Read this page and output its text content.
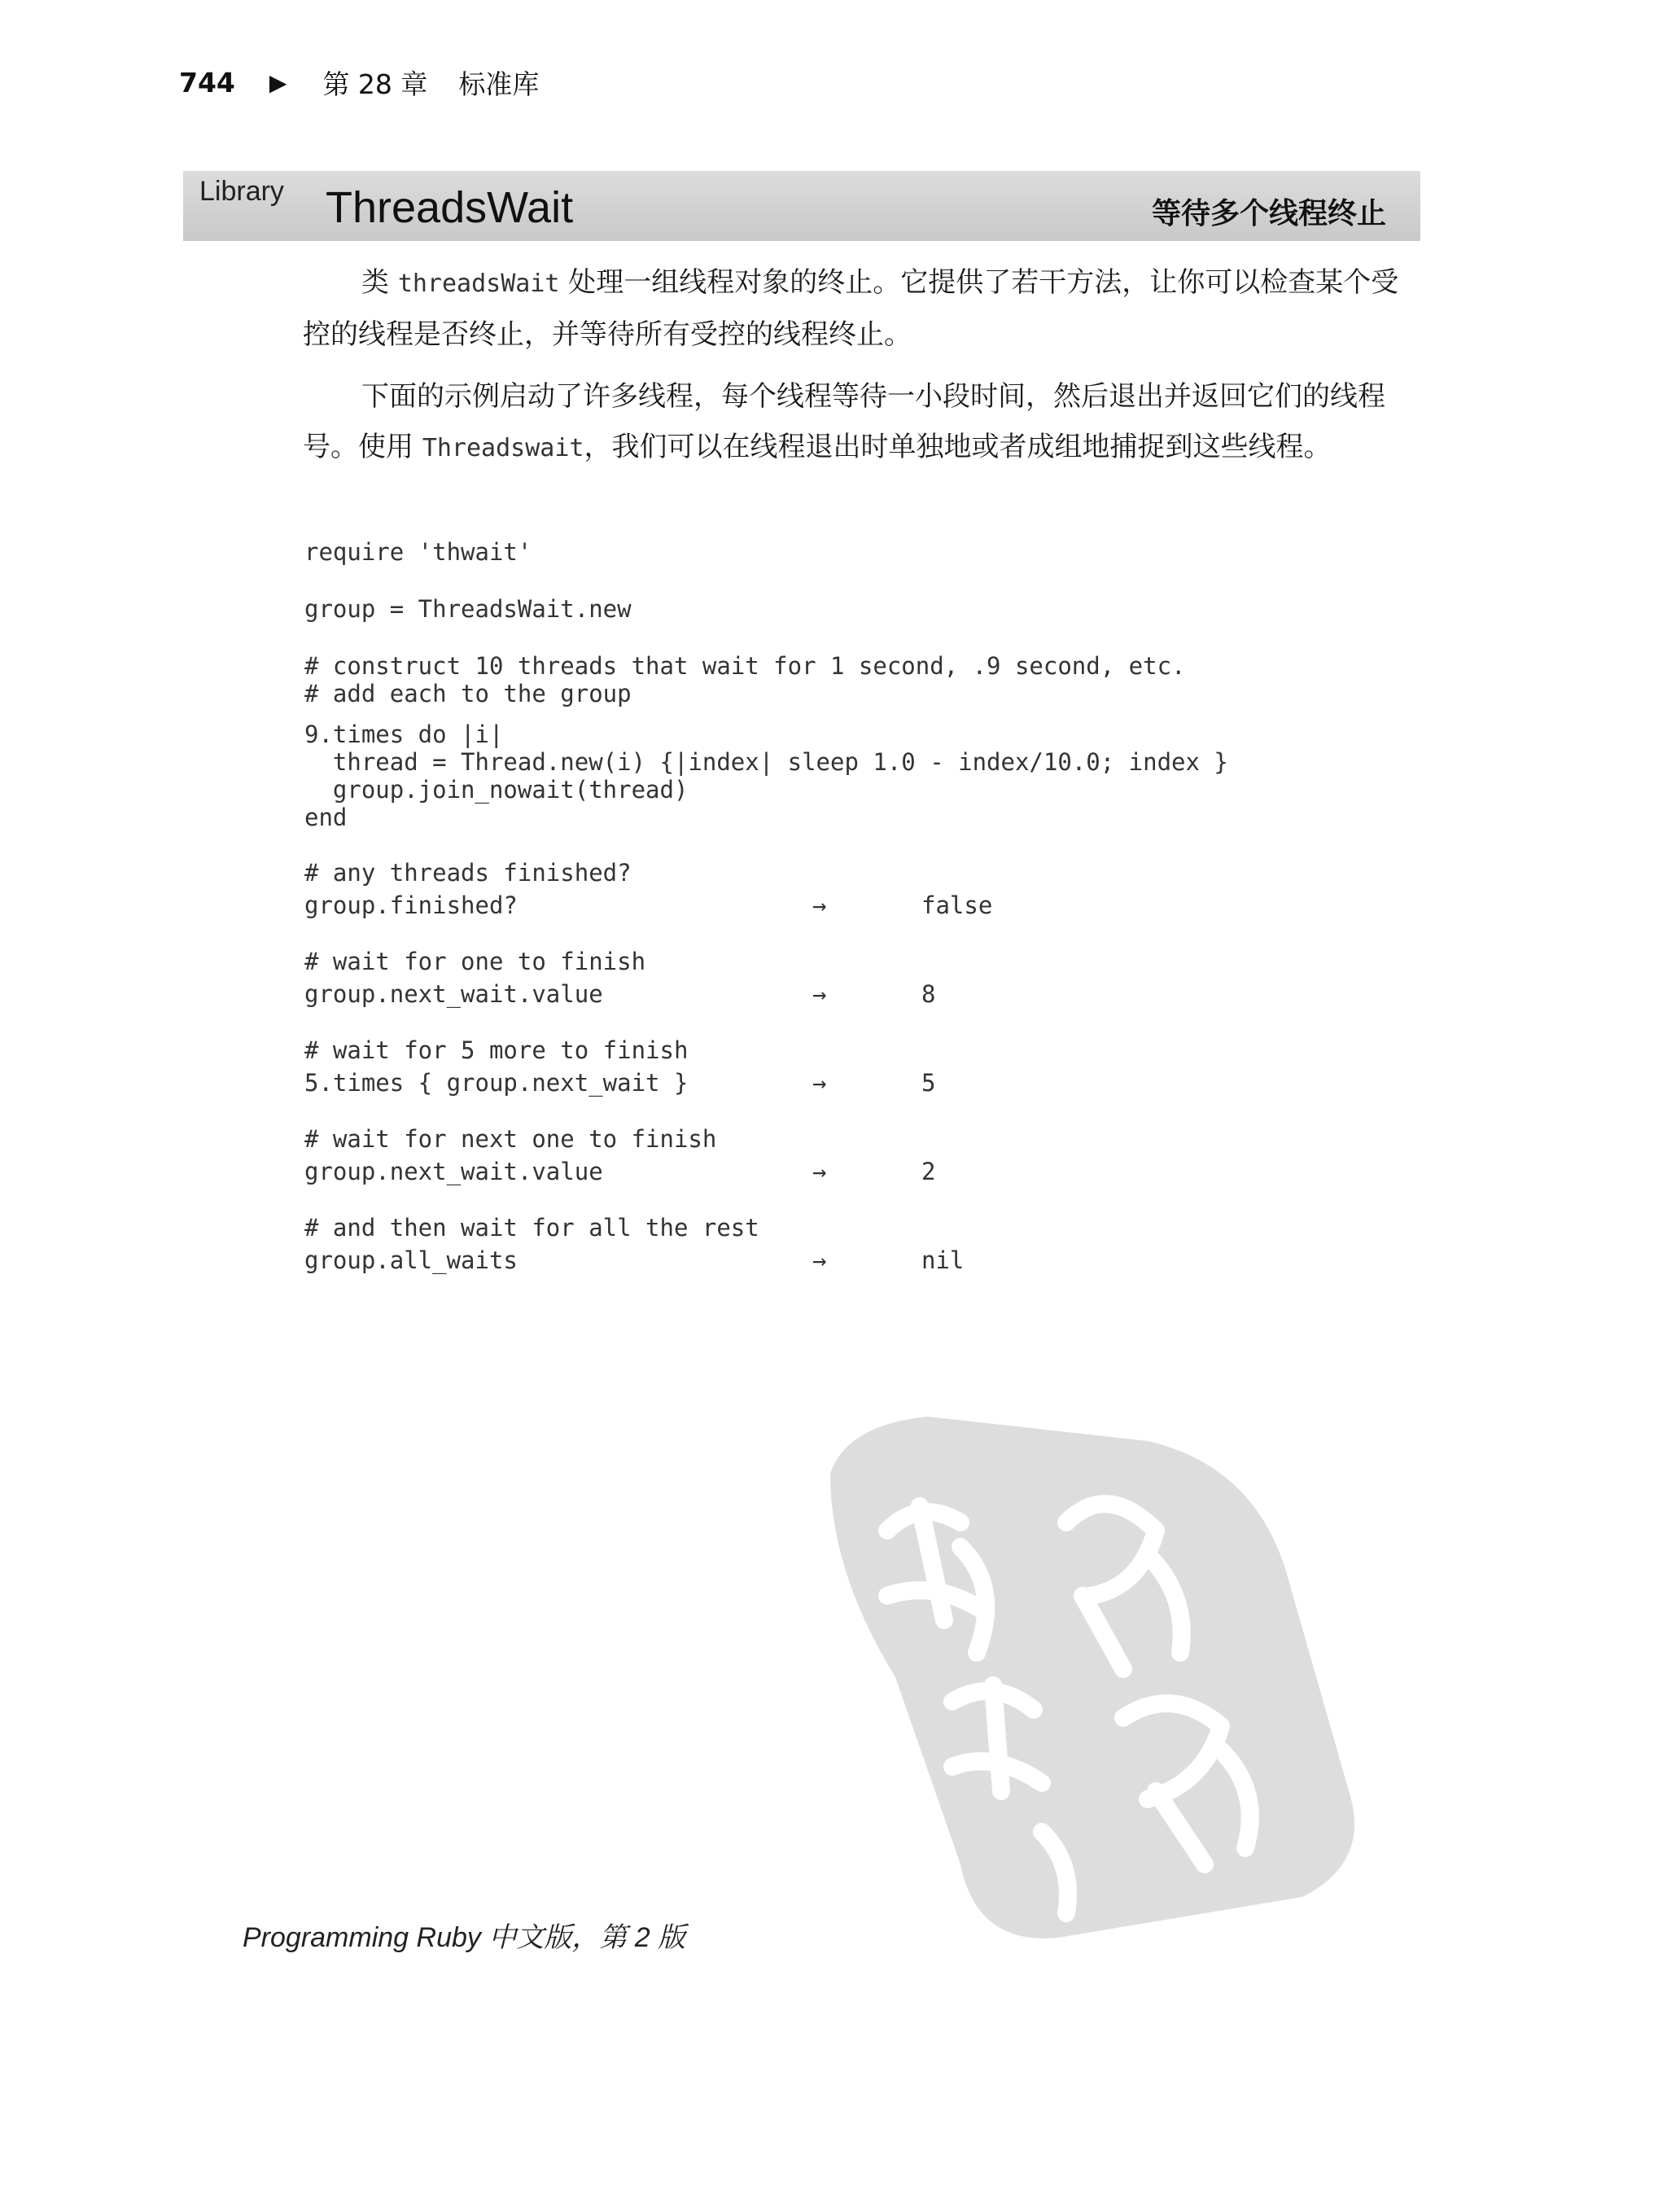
744 ▶ 第 28 章 标准库
Library ThreadsWait	等待多个线程终止
类 threadsWait 处理一组线程对象的终止。它提供了若干方法，让你可以检查某个受控的线程是否终止，并等待所有受控的线程终止。
下面的示例启动了许多线程，每个线程等待一小段时间，然后退出并返回它们的线程号。使用 Threadswait，我们可以在线程退出时单独地或者成组地捕捉到这些线程。
require 'thwait'
group = ThreadsWait.new
# construct 10 threads that wait for 1 second, .9 second, etc.
# add each to the group
9.times do |i|
thread = Thread.new(i) {|index| sleep 1.0 - index/10.0; index }
group.join_nowait(thread)
end
# any threads finished?
group.finished?	→	false
# wait for one to finish
group.next_wait.value	→	8
# wait for 5 more to finish
5.times { group.next_wait }	→	5
# wait for next one to finish
group.next_wait.value	→	2
# and then wait for all the rest
group.all_waits	→	nil
Programming Ruby 中文版，第 2 版
